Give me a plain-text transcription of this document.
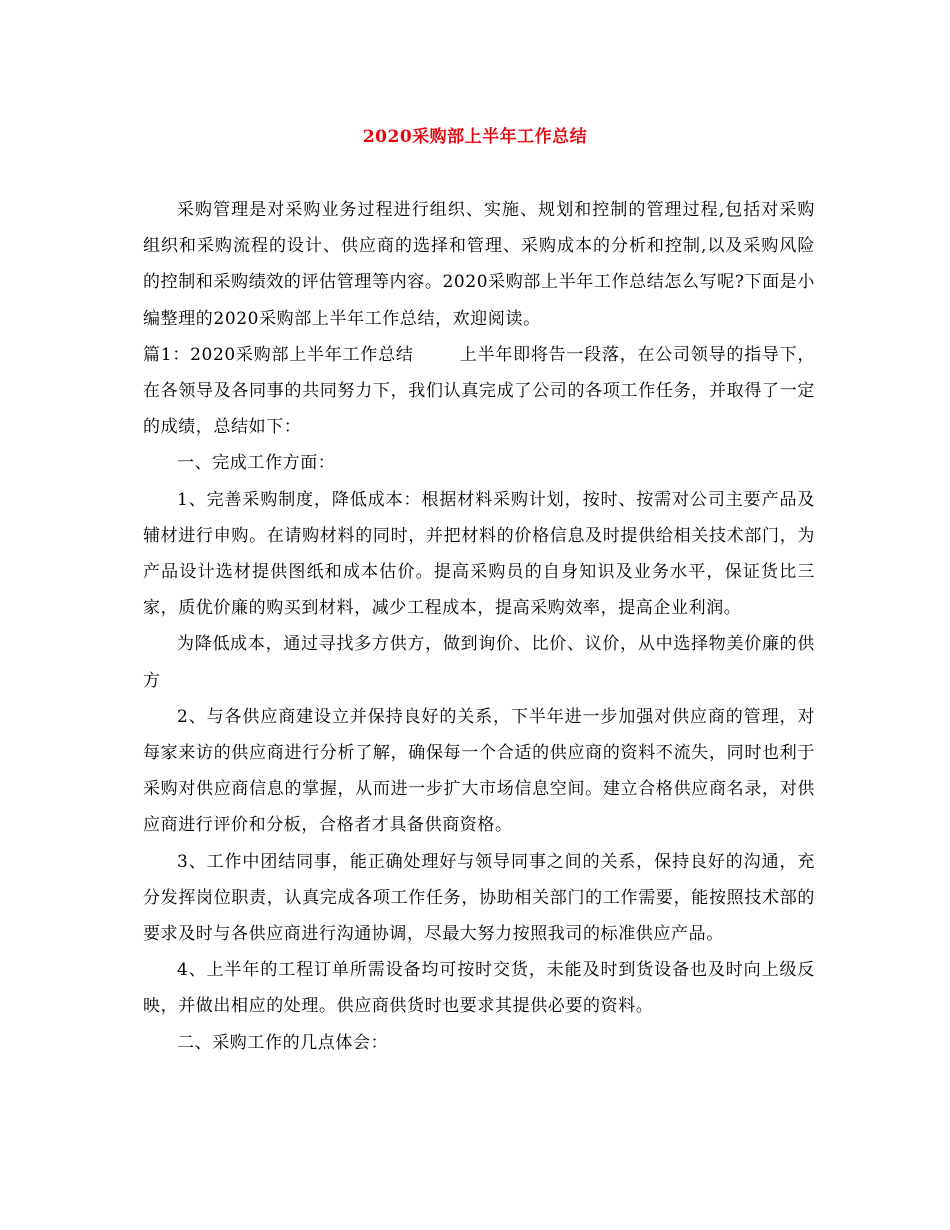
2020采购部上半年工作总结

采购管理是对采购业务过程进行组织、实施、规划和控制的管理过程,包括对采购组织和采购流程的设计、供应商的选择和管理、采购成本的分析和控制,以及采购风险的控制和采购绩效的评估管理等内容。2020采购部上半年工作总结怎么写呢?下面是小编整理的2020采购部上半年工作总结，欢迎阅读。

篇1：2020采购部上半年工作总结	上半年即将告一段落，在公司领导的指导下，在各领导及各同事的共同努力下，我们认真完成了公司的各项工作任务，并取得了一定的成绩，总结如下：

一、完成工作方面：

1、完善采购制度，降低成本：根据材料采购计划，按时、按需对公司主要产品及辅材进行申购。在请购材料的同时，并把材料的价格信息及时提供给相关技术部门，为产品设计选材提供图纸和成本估价。提高采购员的自身知识及业务水平，保证货比三家，质优价廉的购买到材料，减少工程成本，提高采购效率，提高企业利润。

为降低成本，通过寻找多方供方，做到询价、比价、议价，从中选择物美价廉的供方

2、与各供应商建设立并保持良好的关系，下半年进一步加强对供应商的管理，对每家来访的供应商进行分析了解，确保每一个合适的供应商的资料不流失，同时也利于采购对供应商信息的掌握，从而进一步扩大市场信息空间。建立合格供应商名录，对供应商进行评价和分板，合格者才具备供商资格。

3、工作中团结同事，能正确处理好与领导同事之间的关系，保持良好的沟通，充分发挥岗位职责，认真完成各项工作任务，协助相关部门的工作需要，能按照技术部的要求及时与各供应商进行沟通协调，尽最大努力按照我司的标准供应产品。

4、上半年的工程订单所需设备均可按时交货，未能及时到货设备也及时向上级反映，并做出相应的处理。供应商供货时也要求其提供必要的资料。

二、采购工作的几点体会：
